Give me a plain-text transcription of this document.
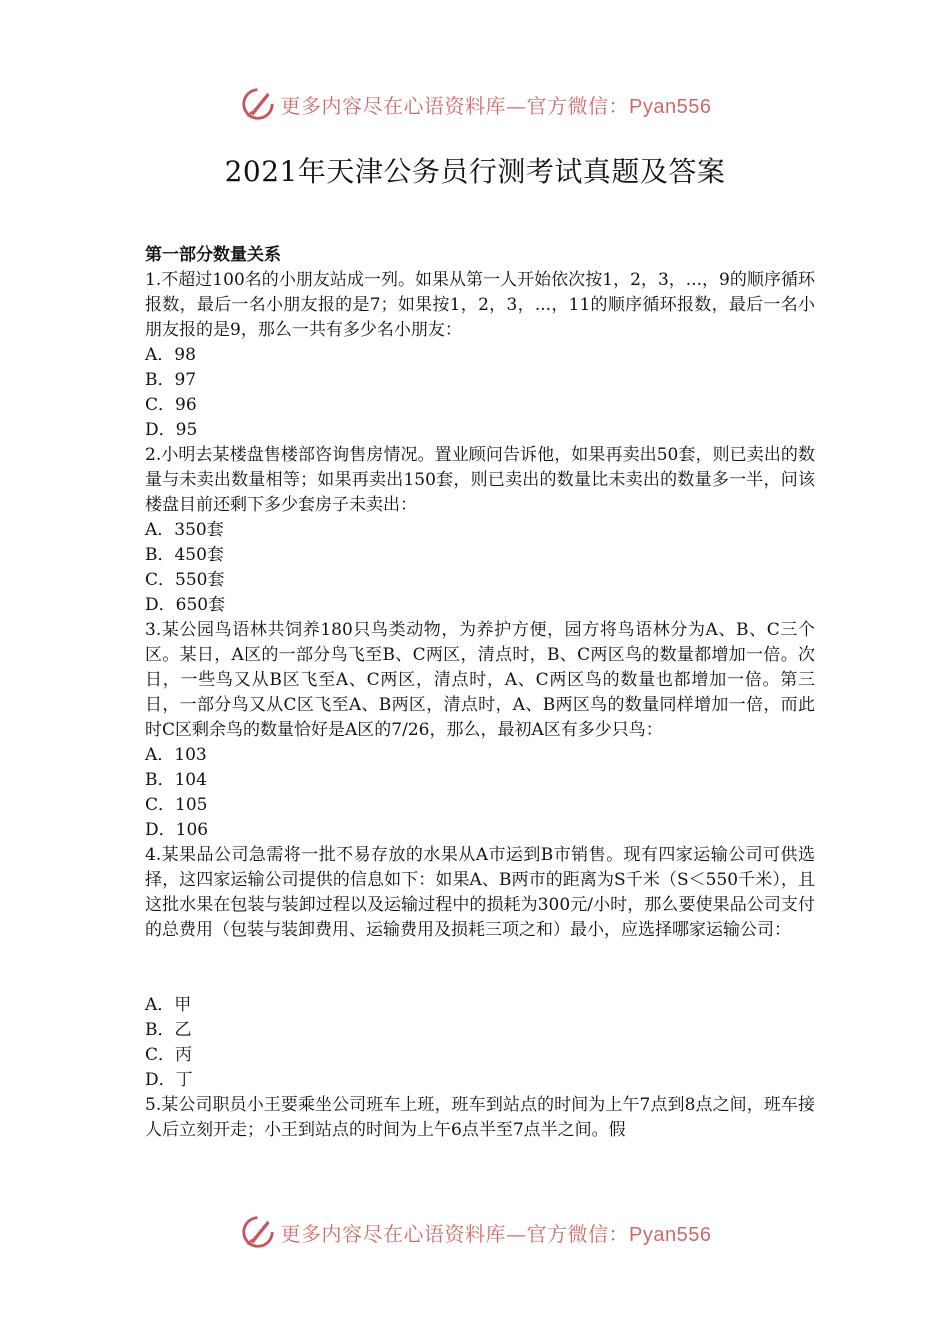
更多内容尽在心语资料库—官方微信：Pyan556
2021年天津公务员行测考试真题及答案

第一部分数量关系

1.不超过100名的小朋友站成一列。如果从第一人开始依次按1，2，3，...，9的顺序循环报数，最后一名小朋友报的是7；如果按1，2，3，...，11的顺序循环报数，最后一名小朋友报的是9，那么一共有多少名小朋友：

A．98

B．97

C．96

D．95

2.小明去某楼盘售楼部咨询售房情况。置业顾问告诉他，如果再卖出50套，则已卖出的数量与未卖出数量相等；如果再卖出150套，则已卖出的数量比未卖出的数量多一半，问该楼盘目前还剩下多少套房子未卖出：

A．350套

B．450套

C．550套

D．650套

3.某公园鸟语林共饲养180只鸟类动物，为养护方便，园方将鸟语林分为A、B、C三个区。某日，A区的一部分鸟飞至B、C两区，清点时，B、C两区鸟的数量都增加一倍。次日，一些鸟又从B区飞至A、C两区，清点时，A、C两区鸟的数量也都增加一倍。第三日，一部分鸟又从C区飞至A、B两区，清点时，A、B两区鸟的数量同样增加一倍，而此时C区剩余鸟的数量恰好是A区的7/26，那么，最初A区有多少只鸟：

A．103

B．104

C．105

D．106

4.某果品公司急需将一批不易存放的水果从A市运到B市销售。现有四家运输公司可供选择，这四家运输公司提供的信息如下：如果A、B两市的距离为S千米（S＜550千米），且这批水果在包装与装卸过程以及运输过程中的损耗为300元/小时，那么要使果品公司支付的总费用（包装与装卸费用、运输费用及损耗三项之和）最小，应选择哪家运输公司：

A．甲

B．乙

C．丙

D．丁

5.某公司职员小王要乘坐公司班车上班，班车到站点的时间为上午7点到8点之间，班车接人后立刻开走；小王到站点的时间为上午6点半至7点半之间。假

更多内容尽在心语资料库—官方微信：Pyan556
